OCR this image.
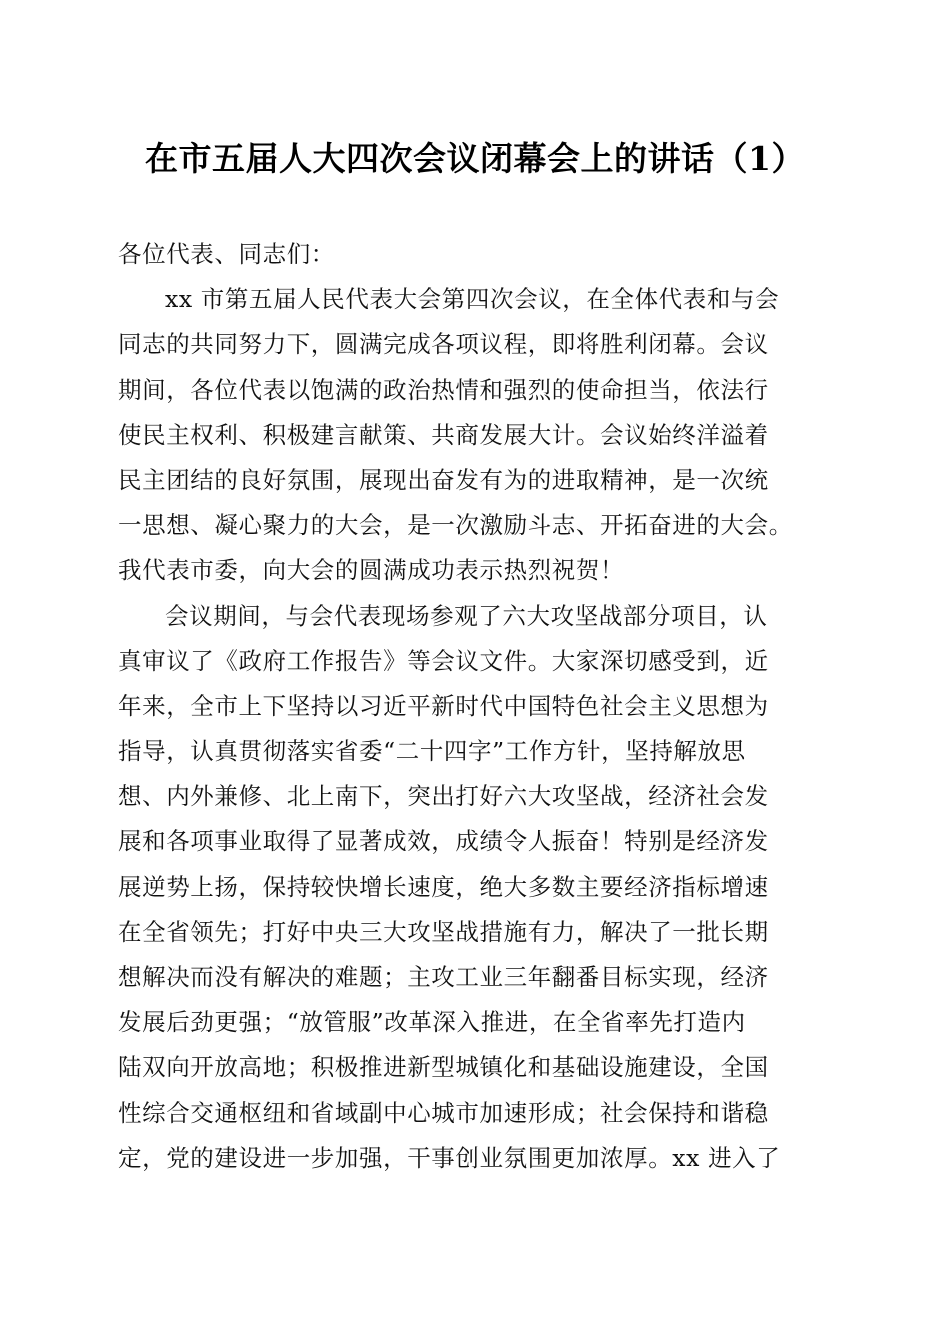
在市五届人大四次会议闭幕会上的讲话（1）
各位代表、同志们：
xx 市第五届人民代表大会第四次会议，在全体代表和与会
同志的共同努力下，圆满完成各项议程，即将胜利闭幕。会议
期间，各位代表以饱满的政治热情和强烈的使命担当，依法行
使民主权利、积极建言献策、共商发展大计。会议始终洋溢着
民主团结的良好氛围，展现出奋发有为的进取精神，是一次统
一思想、凝心聚力的大会，是一次激励斗志、开拓奋进的大会。
我代表市委，向大会的圆满成功表示热烈祝贺！
会议期间，与会代表现场参观了六大攻坚战部分项目，认
真审议了《政府工作报告》等会议文件。大家深切感受到，近
年来，全市上下坚持以习近平新时代中国特色社会主义思想为
指导，认真贯彻落实省委“二十四字”工作方针，坚持解放思
想、内外兼修、北上南下，突出打好六大攻坚战，经济社会发
展和各项事业取得了显著成效，成绩令人振奋！特别是经济发
展逆势上扬，保持较快增长速度，绝大多数主要经济指标增速
在全省领先；打好中央三大攻坚战措施有力，解决了一批长期
想解决而没有解决的难题；主攻工业三年翻番目标实现，经济
发展后劲更强；“放管服”改革深入推进，在全省率先打造内
陆双向开放高地；积极推进新型城镇化和基础设施建设，全国
性综合交通枢纽和省域副中心城市加速形成；社会保持和谐稳
定，党的建设进一步加强，干事创业氛围更加浓厚。xx 进入了
